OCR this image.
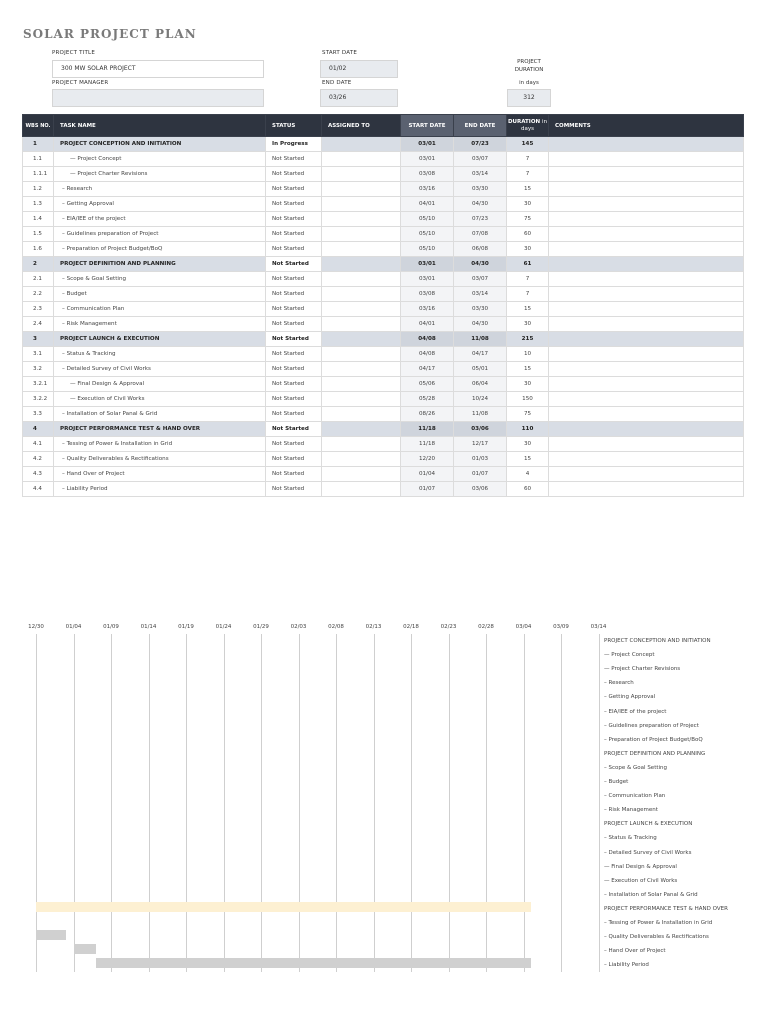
SOLAR PROJECT PLAN
PROJECT TITLE
300 MW SOLAR PROJECT
PROJECT MANAGER
START DATE
01/02
END DATE
03/26
PROJECT DURATION
in days
312
WBS NO.	TASK NAME	STATUS	ASSIGNED TO	START DATE	END DATE	DURATION in days	COMMENTS
1	PROJECT CONCEPTION AND INITIATION	In Progress		03/01	07/23	145	
1.1	— Project Concept	Not Started		03/01	03/07	7	
1.1.1	— Project Charter Revisions	Not Started		03/08	03/14	7	
1.2	– Research	Not Started		03/16	03/30	15	
1.3	– Getting Approval	Not Started		04/01	04/30	30	
1.4	– EIA/IEE of the project	Not Started		05/10	07/23	75	
1.5	– Guidelines preparation of Project	Not Started		05/10	07/08	60	
1.6	– Preparation of Project Budget/BoQ	Not Started		05/10	06/08	30	
2	PROJECT DEFINITION AND PLANNING	Not Started		03/01	04/30	61	
2.1	– Scope & Goal Setting	Not Started		03/01	03/07	7	
2.2	– Budget	Not Started		03/08	03/14	7	
2.3	– Communication Plan	Not Started		03/16	03/30	15	
2.4	– Risk Management	Not Started		04/01	04/30	30	
3	PROJECT LAUNCH & EXECUTION	Not Started		04/08	11/08	215	
3.1	– Status & Tracking	Not Started		04/08	04/17	10	
3.2	– Detailed Survey of Civil Works	Not Started		04/17	05/01	15	
3.2.1	— Final Design & Approval	Not Started		05/06	06/04	30	
3.2.2	— Execution of Civil Works	Not Started		05/28	10/24	150	
3.3	– Installation of Solar Panal & Grid	Not Started		08/26	11/08	75	
4	PROJECT PERFORMANCE TEST & HAND OVER	Not Started		11/18	03/06	110	
4.1	– Tessing of Power & Installation in Grid	Not Started		11/18	12/17	30	
4.2	– Quality Deliverables & Rectifications	Not Started		12/20	01/03	15	
4.3	– Hand Over of Project	Not Started		01/04	01/07	4	
4.4	– Liability Period	Not Started		01/07	03/06	60	
12/30	01/04	01/09	01/14	01/19	01/24	01/29	02/03	02/08	02/13	02/18	02/23	02/28	03/04	03/09	03/14
PROJECT CONCEPTION AND INITIATION
— Project Concept
— Project Charter Revisions
– Research
– Getting Approval
– EIA/IEE of the project
– Guidelines preparation of Project
– Preparation of Project Budget/BoQ
PROJECT DEFINITION AND PLANNING
– Scope & Goal Setting
– Budget
– Communication Plan
– Risk Management
PROJECT LAUNCH & EXECUTION
– Status & Tracking
– Detailed Survey of Civil Works
— Final Design & Approval
— Execution of Civil Works
– Installation of Solar Panal & Grid
PROJECT PERFORMANCE TEST & HAND OVER
– Tessing of Power & Installation in Grid
– Quality Deliverables & Rectifications
– Hand Over of Project
– Liability Period
